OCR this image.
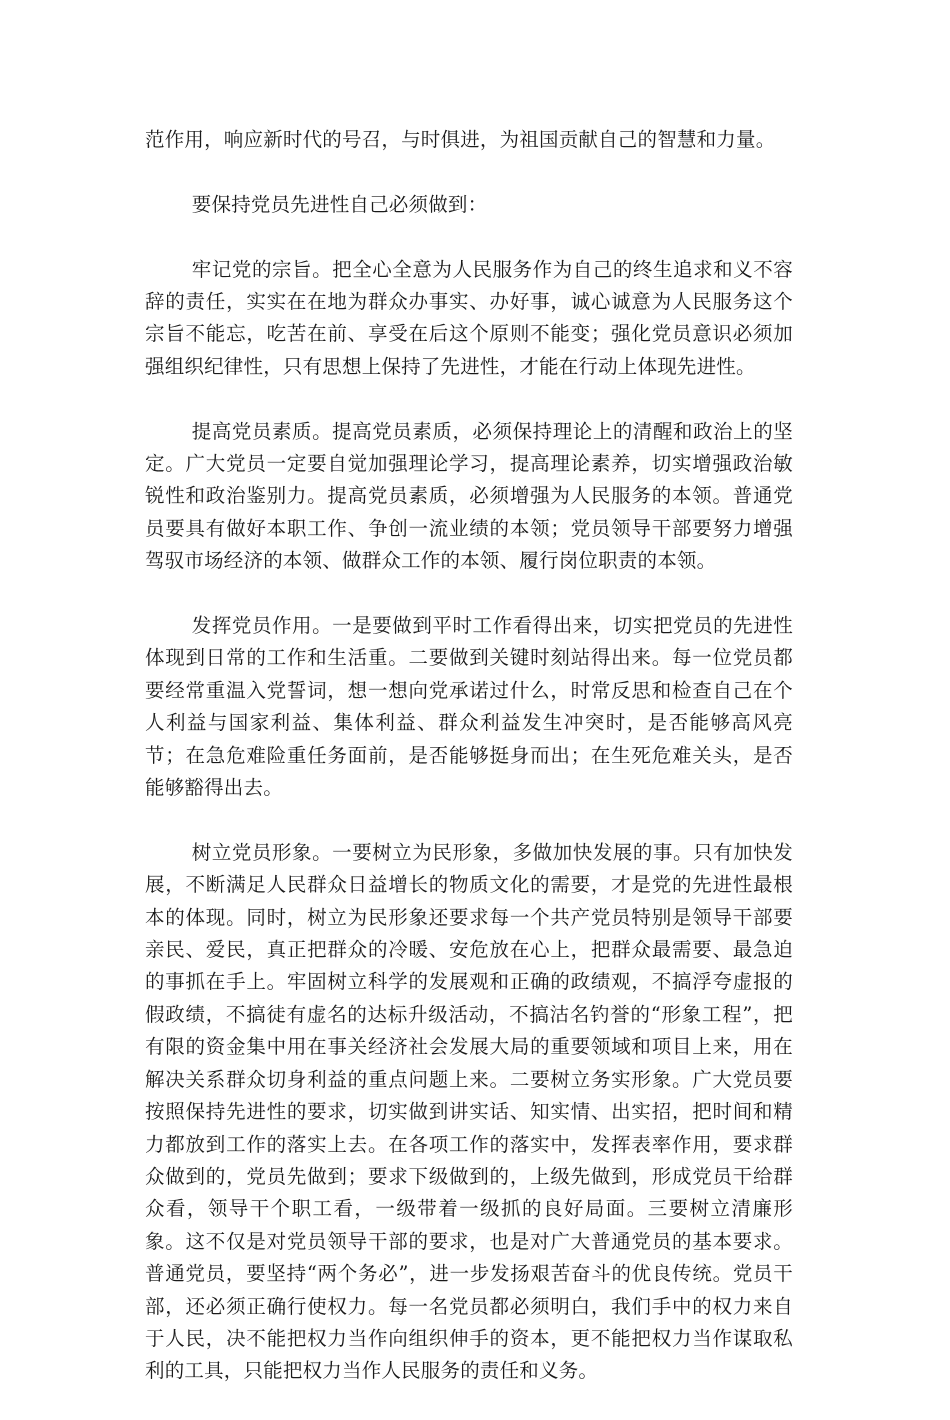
范作用，响应新时代的号召，与时俱进，为祖国贡献自己的智慧和力量。

要保持党员先进性自己必须做到：

牢记党的宗旨。把全心全意为人民服务作为自己的终生追求和义不容辞的责任，实实在在地为群众办事实、办好事，诚心诚意为人民服务这个宗旨不能忘，吃苦在前、享受在后这个原则不能变；强化党员意识必须加强组织纪律性，只有思想上保持了先进性，才能在行动上体现先进性。

提高党员素质。提高党员素质，必须保持理论上的清醒和政治上的坚定。广大党员一定要自觉加强理论学习，提高理论素养，切实增强政治敏锐性和政治鉴别力。提高党员素质，必须增强为人民服务的本领。普通党员要具有做好本职工作、争创一流业绩的本领；党员领导干部要努力增强驾驭市场经济的本领、做群众工作的本领、履行岗位职责的本领。

发挥党员作用。一是要做到平时工作看得出来，切实把党员的先进性体现到日常的工作和生活重。二要做到关键时刻站得出来。每一位党员都要经常重温入党誓词，想一想向党承诺过什么，时常反思和检查自己在个人利益与国家利益、集体利益、群众利益发生冲突时，是否能够高风亮节；在急危难险重任务面前，是否能够挺身而出；在生死危难关头，是否能够豁得出去。

树立党员形象。一要树立为民形象，多做加快发展的事。只有加快发展，不断满足人民群众日益增长的物质文化的需要，才是党的先进性最根本的体现。同时，树立为民形象还要求每一个共产党员特别是领导干部要亲民、爱民，真正把群众的冷暖、安危放在心上，把群众最需要、最急迫的事抓在手上。牢固树立科学的发展观和正确的政绩观，不搞浮夸虚报的假政绩，不搞徒有虚名的达标升级活动，不搞沽名钓誉的“形象工程”，把有限的资金集中用在事关经济社会发展大局的重要领域和项目上来，用在解决关系群众切身利益的重点问题上来。二要树立务实形象。广大党员要按照保持先进性的要求，切实做到讲实话、知实情、出实招，把时间和精力都放到工作的落实上去。在各项工作的落实中，发挥表率作用，要求群众做到的，党员先做到；要求下级做到的，上级先做到，形成党员干给群众看，领导干个职工看，一级带着一级抓的良好局面。三要树立清廉形象。这不仅是对党员领导干部的要求，也是对广大普通党员的基本要求。普通党员，要坚持“两个务必”，进一步发扬艰苦奋斗的优良传统。党员干部，还必须正确行使权力。每一名党员都必须明白，我们手中的权力来自于人民，决不能把权力当作向组织伸手的资本，更不能把权力当作谋取私利的工具，只能把权力当作人民服务的责任和义务。
